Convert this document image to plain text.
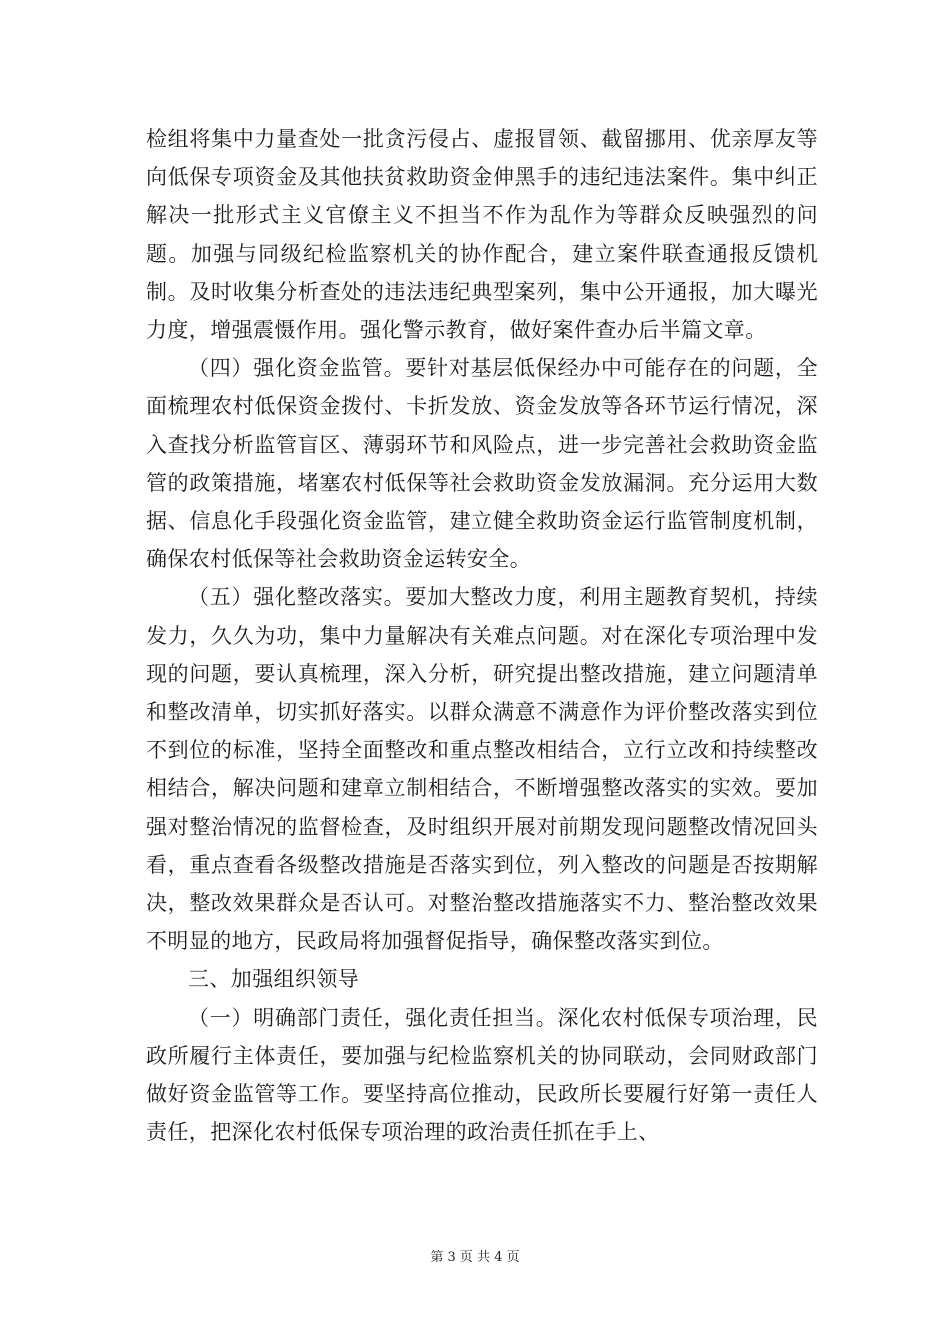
检组将集中力量查处一批贪污侵占、虚报冒领、截留挪用、优亲厚友等向低保专项资金及其他扶贫救助资金伸黑手的违纪违法案件。集中纠正解决一批形式主义官僚主义不担当不作为乱作为等群众反映强烈的问题。加强与同级纪检监察机关的协作配合，建立案件联查通报反馈机制。及时收集分析查处的违法违纪典型案列，集中公开通报，加大曝光力度，增强震慑作用。强化警示教育，做好案件查办后半篇文章。

（四）强化资金监管。要针对基层低保经办中可能存在的问题，全面梳理农村低保资金拨付、卡折发放、资金发放等各环节运行情况，深入查找分析监管盲区、薄弱环节和风险点，进一步完善社会救助资金监管的政策措施，堵塞农村低保等社会救助资金发放漏洞。充分运用大数据、信息化手段强化资金监管，建立健全救助资金运行监管制度机制，确保农村低保等社会救助资金运转安全。

（五）强化整改落实。要加大整改力度，利用主题教育契机，持续发力，久久为功，集中力量解决有关难点问题。对在深化专项治理中发现的问题，要认真梳理，深入分析，研究提出整改措施，建立问题清单和整改清单，切实抓好落实。以群众满意不满意作为评价整改落实到位不到位的标准，坚持全面整改和重点整改相结合，立行立改和持续整改相结合，解决问题和建章立制相结合，不断增强整改落实的实效。要加强对整治情况的监督检查，及时组织开展对前期发现问题整改情况回头看，重点查看各级整改措施是否落实到位，列入整改的问题是否按期解决，整改效果群众是否认可。对整治整改措施落实不力、整治整改效果不明显的地方，民政局将加强督促指导，确保整改落实到位。

三、加强组织领导

（一）明确部门责任，强化责任担当。深化农村低保专项治理，民政所履行主体责任，要加强与纪检监察机关的协同联动，会同财政部门做好资金监管等工作。要坚持高位推动，民政所长要履行好第一责任人责任，把深化农村低保专项治理的政治责任抓在手上、

第 3 页 共 4 页
